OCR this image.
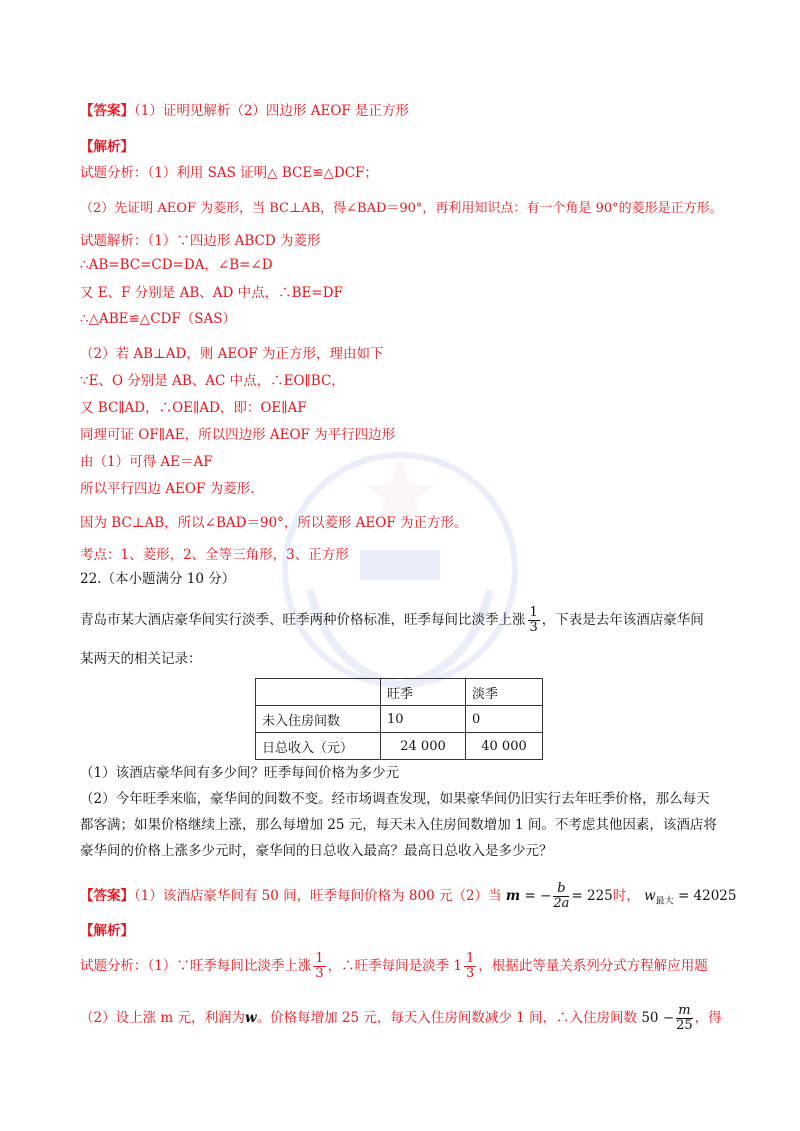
【答案】（1）证明见解析（2）四边形 AEOF 是正方形
【解析】
试题分析：（1）利用 SAS 证明△ BCE≌△DCF；
（2）先证明 AEOF 为菱形，当 BC⊥AB，得∠BAD＝90°，再利用知识点：有一个角是 90°的菱形是正方形。
试题解析：（1）∵四边形 ABCD 为菱形
∴AB=BC=CD=DA，∠B=∠D
又 E、F 分别是 AB、AD 中点，∴BE=DF
∴△ABE≌△CDF（SAS）
（2）若 AB⊥AD，则 AEOF 为正方形，理由如下
∵E、O 分别是 AB、AC 中点，∴EO∥BC，
又 BC∥AD，∴OE∥AD，即：OE∥AF
同理可证 OF∥AE，所以四边形 AEOF 为平行四边形
由（1）可得 AE＝AF
所以平行四边 AEOF 为菱形.
因为 BC⊥AB，所以∠BAD＝90°，所以菱形 AEOF 为正方形。
考点：1、菱形，2、全等三角形，3、正方形
22.（本小题满分 10 分）
青岛市某大酒店豪华间实行淡季、旺季两种价格标准，旺季每间比淡季上涨 $\frac{1}{3}$ ，下表是去年该酒店豪华间
某两天的相关记录：
	旺季	淡季
未入住房间数	10	0
日总收入（元）	24 000	40 000
（1）该酒店豪华间有多少间？旺季每间价格为多少元
（2）今年旺季来临，豪华间的间数不变。经市场调查发现，如果豪华间仍旧实行去年旺季价格，那么每天
都客满；如果价格继续上涨，那么每增加 25 元，每天未入住房间数增加 1 间。不考虑其他因素，该酒店将
豪华间的价格上涨多少元时，豪华间的日总收入最高？最高日总收入是多少元？
【答案】（1）该酒店豪华间有 50 间，旺季每间价格为 800 元（2）当 m = − $\frac{b}{2a} = 225$时， $w_{最大} = 42025$
【解析】
试题分析：（1）∵旺季每间比淡季上涨 $\frac{1}{3}$ ，∴旺季每间是淡季 $1 \frac{1}{3}$ ，根据此等量关系列分式方程解应用题
（2）设上涨 m 元，利润为w。价格每增加 25 元，每天入住房间数减少 1 间，∴入住房间数 $50 - \frac{m}{25}$ ，得
